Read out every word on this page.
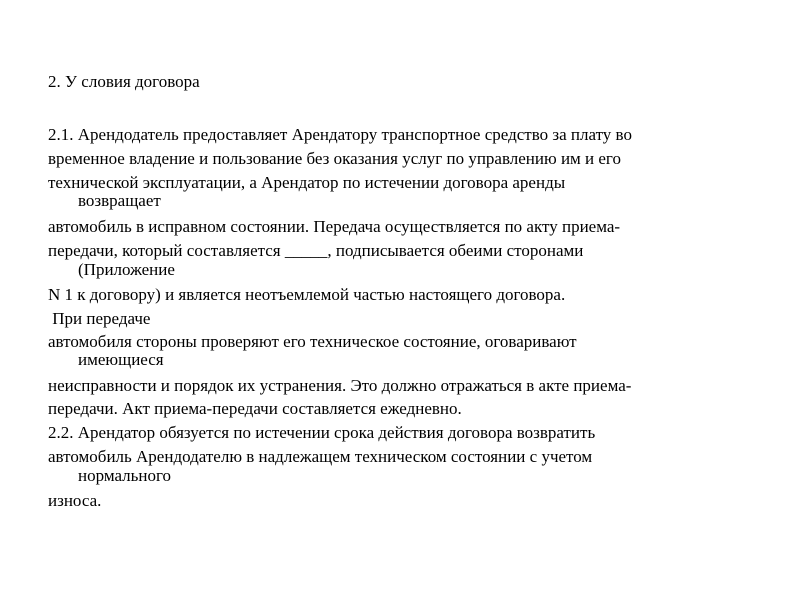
2. У словия договора

2.1. Арендодатель предоставляет Арендатору транспортное средство за плату во

временное владение и пользование без оказания услуг по управлению им и его

технической эксплуатации, а Арендатор по истечении договора аренды

возвращает

автомобиль в исправном состоянии. Передача осуществляется по акту приема-

передачи, который составляется _____, подписывается обеими сторонами

(Приложение

N 1 к договору) и является неотъемлемой частью настоящего договора.

При передаче

автомобиля стороны проверяют его техническое состояние, оговаривают

имеющиеся

неисправности и порядок их устранения. Это должно отражаться в акте приема-

передачи. Акт приема-передачи составляется ежедневно.

2.2. Арендатор обязуется по истечении срока действия договора возвратить

автомобиль Арендодателю в надлежащем техническом состоянии с учетом

нормального

износа.
